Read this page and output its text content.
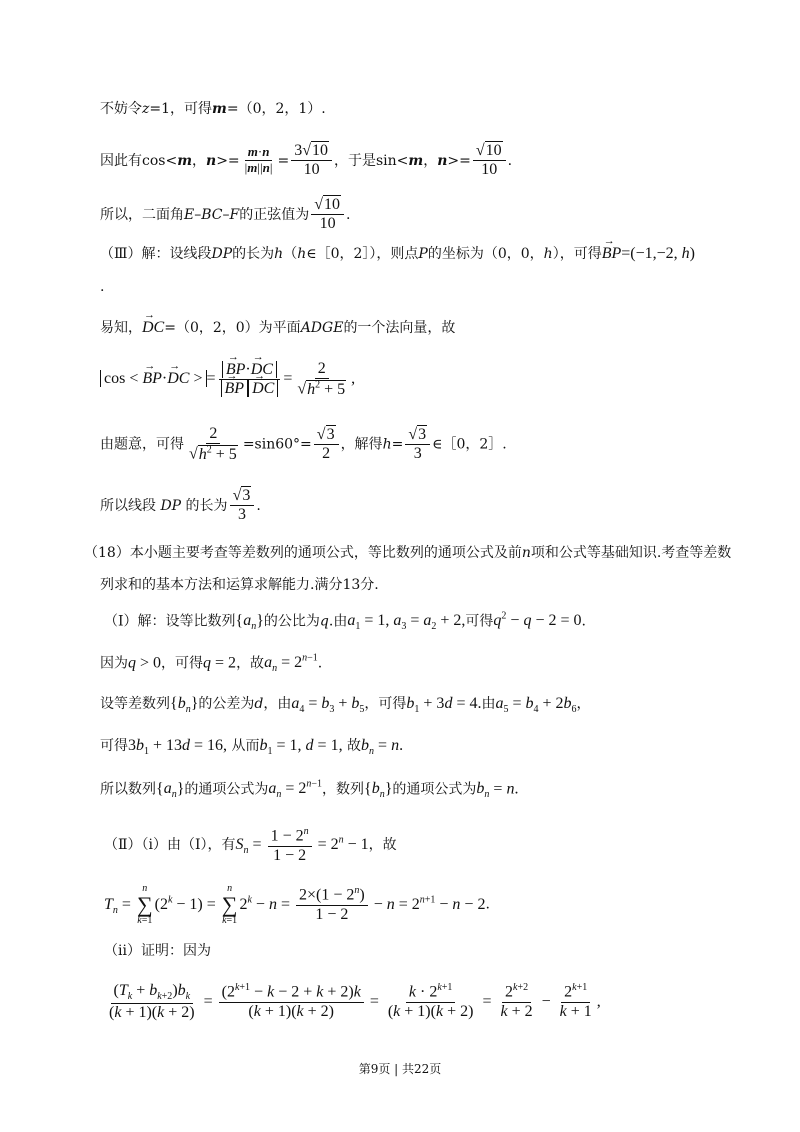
不妨令z=1，可得m=（0，2，1）.
因此有cos<m，$n>= \frac{m\cdot n}{|m||n|} = \frac{3√10}{10}$ ，于是sin<m，$n>= \frac{√10}{10}$ .
所以，二面角E–BC–F的正弦值为 $\frac{√10}{10}$ .
（Ⅲ）解：设线段DP的长为h（h∈［0，2］），则点P的坐标为（0，0，h），可得→ BP=(−1,−2, h)
.
易知，→ DC=（0，2，0）为平面ADGE的一个法向量，故
cos < → BP·→ DC > = → BP·→ DC
→ BP → DC = $\frac{2}{√h^2 + 5}$ ,
由题意，可得 $\frac{2}{√h^2 + 5} =\sin 60^\circ= \frac{√3}{2}$ ，解得$h= \frac{√3}{3}$ ∈［0，2］.
所以线段 DP 的长为 $\frac{√3}{3}$ .
（18）本小题主要考查等差数列的通项公式，等比数列的通项公式及前n项和公式等基础知识.考查等差数
列求和的基本方法和运算求解能力.满分13分.
（Ⅰ）解：设等比数列$\{a_n\}$的公比为q.由$a_1 = 1$, $a_3 = a_2 + 2$,可得$q^2 - q - 2 = 0$.
因为q > 0，可得q = 2，故$a_n = 2^{n-1}$.
设等差数列$\{b_n\}$的公差为d，由$a_4 = b_3 + b_5$，可得$b_1 + 3d = 4$.由$a_5 = b_4 + 2b_6$，
可得$3b_1 + 13d = 16$, 从而$b_1 = 1$, d = 1, 故$b_n = n$.
所以数列$\{a_n\}$的通项公式为$a_n = 2^{n-1}$，数列$\{b_n\}$的通项公式为$b_n = n$.
（Ⅱ）（i）由（Ⅰ），有$S_n = \frac{1 - 2^n}{1 - 2} = 2^n - 1$，故
$T_n$ =
n
∑
k=1
$(2^k - 1)$ =
n
∑
k=1
$2^k - n = \frac{2\times(1 - 2^n)}{1 - 2} - n = 2^{n+1} - n - 2$.
（ii）证明：因为
$\frac{(T_k + b_{k+2})b_k}{(k + 1)(k + 2)} = \frac{(2^{k+1} - k - 2 + k + 2)k}{(k + 1)(k + 2)} = \frac{k \cdot 2^{k+1}}{(k + 1)(k + 2)} = \frac{2^{k+2}}{k + 2} - \frac{2^{k+1}}{k + 1}$ ,
第9页 | 共22页
